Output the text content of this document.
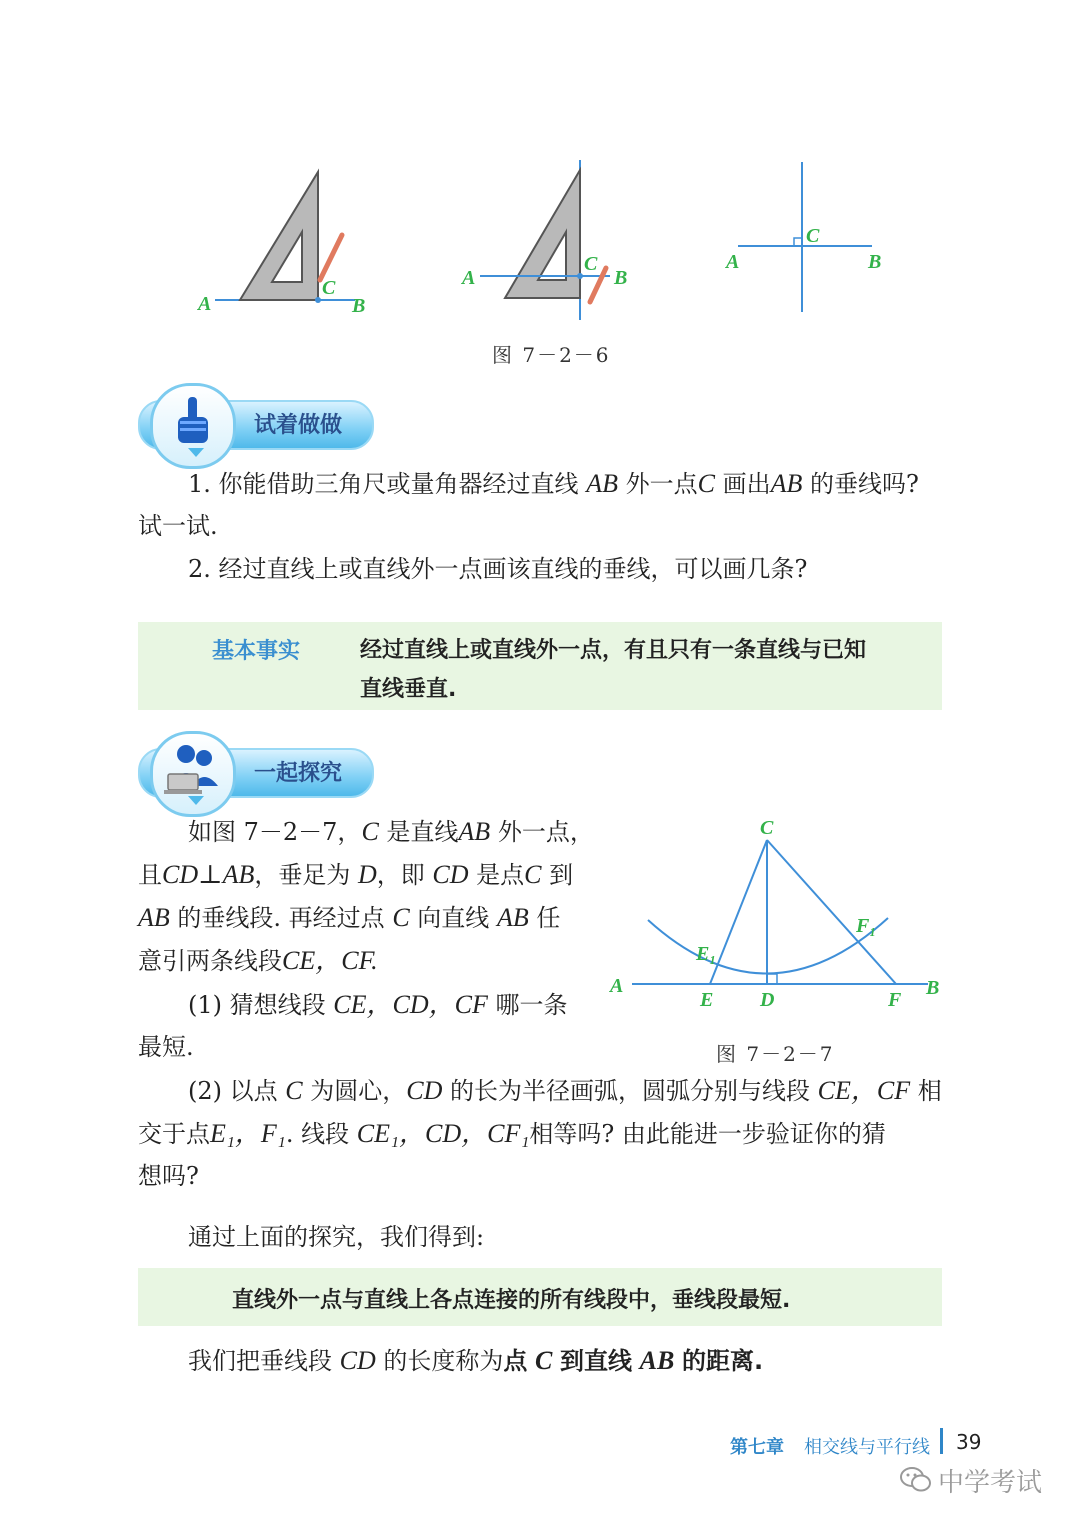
A
C
B
A
C
B
A
C
B
图 7－2－6
试着做做
1. 你能借助三角尺或量角器经过直线 AB 外一点C 画出AB 的垂线吗?
试一试.
2. 经过直线上或直线外一点画该直线的垂线，可以画几条?
基本事实	经过直线上或直线外一点，有且只有一条直线与已知
直线垂直.
一起探究
如图 7－2－7，C 是直线AB 外一点，
且CD⊥AB，垂足为 D，即 CD 是点C 到
AB 的垂线段. 再经过点 C 向直线 AB 任
意引两条线段CE，CF.
(1) 猜想线段 CE，CD，CF 哪一条
最短.
C
A	B
E D	F
E₁
F₁
图 7－2－7
(2) 以点 C 为圆心，CD 的长为半径画弧，圆弧分别与线段 CE，CF 相
交于点E₁，F₁. 线段 CE₁，CD，CF₁相等吗? 由此能进一步验证你的猜
想吗?
通过上面的探究，我们得到:
直线外一点与直线上各点连接的所有线段中，垂线段最短.
我们把垂线段 CD 的长度称为点 C 到直线 AB 的距离.
第七章 相交线与平行线 39
中学考试
